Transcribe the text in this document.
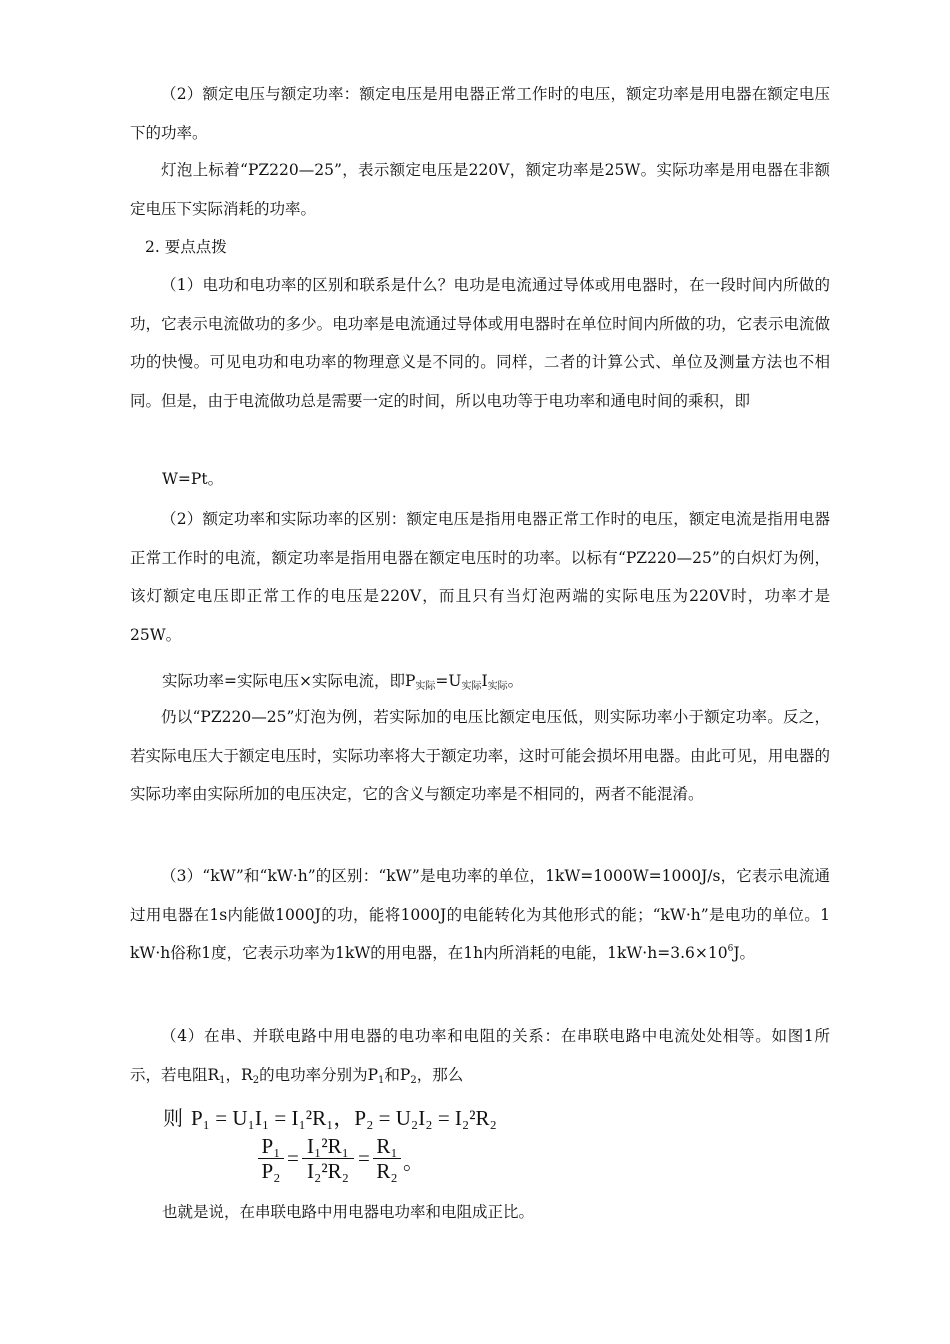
（2）额定电压与额定功率：额定电压是用电器正常工作时的电压，额定功率是用电器在额定电压下的功率。
灯泡上标着“PZ220—25”，表示额定电压是220V，额定功率是25W。实际功率是用电器在非额定电压下实际消耗的功率。
2. 要点点拨
（1）电功和电功率的区别和联系是什么？电功是电流通过导体或用电器时，在一段时间内所做的功，它表示电流做功的多少。电功率是电流通过导体或用电器时在单位时间内所做的功，它表示电流做功的快慢。可见电功和电功率的物理意义是不同的。同样，二者的计算公式、单位及测量方法也不相同。但是，由于电流做功总是需要一定的时间，所以电功等于电功率和通电时间的乘积，即
W=Pt。
（2）额定功率和实际功率的区别：额定电压是指用电器正常工作时的电压，额定电流是指用电器正常工作时的电流，额定功率是指用电器在额定电压时的功率。以标有“PZ220—25”的白炽灯为例，该灯额定电压即正常工作的电压是220V，而且只有当灯泡两端的实际电压为220V时，功率才是25W。
实际功率=实际电压×实际电流，即P实际=U实际I实际。
仍以“PZ220—25”灯泡为例，若实际加的电压比额定电压低，则实际功率小于额定功率。反之，若实际电压大于额定电压时，实际功率将大于额定功率，这时可能会损坏用电器。由此可见，用电器的实际功率由实际所加的电压决定，它的含义与额定功率是不相同的，两者不能混淆。
（3）“kW”和“kW·h”的区别：“kW”是电功率的单位，1kW=1000W=1000J/s，它表示电流通过用电器在1s内能做1000J的功，能将1000J的电能转化为其他形式的能；“kW·h”是电功的单位。1 kW·h俗称1度，它表示功率为1kW的用电器，在1h内所消耗的电能，$1kW\cdot h=3.6\times 10^6J$。
（4）在串、并联电路中用电器的电功率和电阻的关系：在串联电路中电流处处相等。如图1所示，若电阻R1，R2的电功率分别为P1和P2，那么
则 P₁ = U₁I₁ = I₁²R₁，P₂ = U₂I₂ = I₂²R₂
P₁
P₂
= I₁²R₁
I₂²R₂
= R₁
R₂ 。
也就是说，在串联电路中用电器电功率和电阻成正比。
